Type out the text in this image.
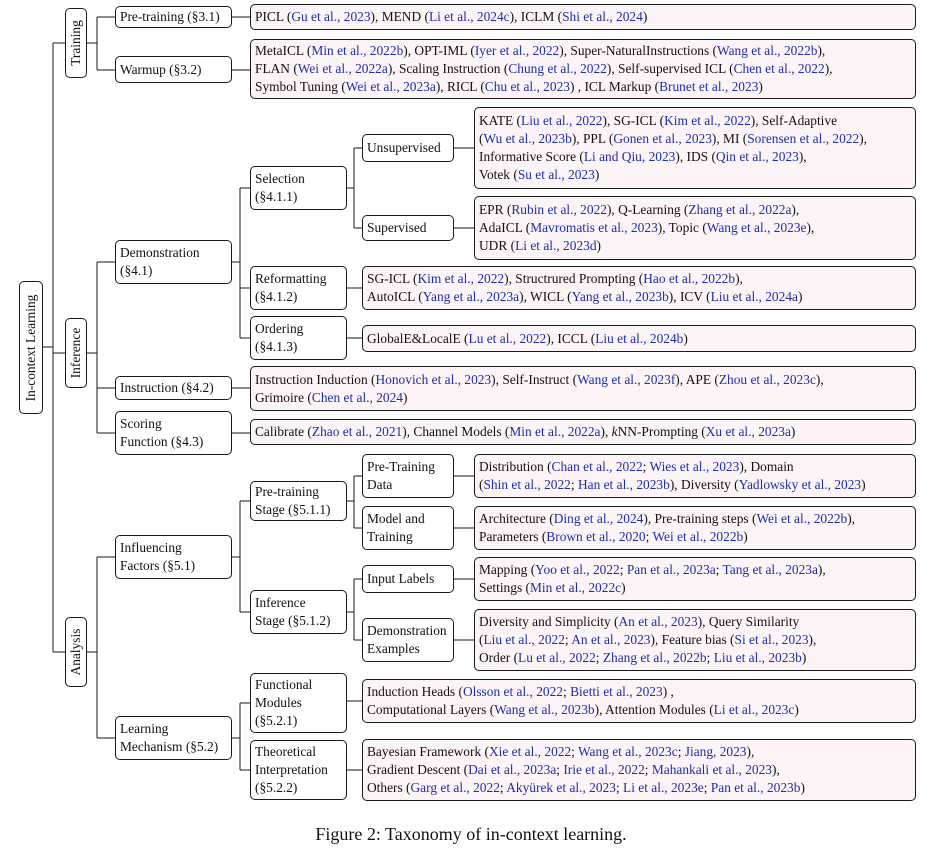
In-context Learning
Training
Inference
Analysis
Pre-training (§3.1)
Warmup (§3.2)
PICL (Gu et al., 2023), MEND (Li et al., 2024c), ICLM (Shi et al., 2024)
MetaICL (Min et al., 2022b), OPT-IML (Iyer et al., 2022), Super-NaturalInstructions (Wang et al., 2022b),
FLAN (Wei et al., 2022a), Scaling Instruction (Chung et al., 2022), Self-supervised ICL (Chen et al., 2022),
Symbol Tuning (Wei et al., 2023a), RICL (Chu et al., 2023) , ICL Markup (Brunet et al., 2023)
Demonstration
(§4.1)
Instruction (§4.2)
Scoring
Function (§4.3)
Instruction Induction (Honovich et al., 2023), Self-Instruct (Wang et al., 2023f), APE (Zhou et al., 2023c),
Grimoire (Chen et al., 2024)
Calibrate (Zhao et al., 2021), Channel Models (Min et al., 2022a), kNN-Prompting (Xu et al., 2023a)
Selection
(§4.1.1)
Reformatting
(§4.1.2)
Ordering
(§4.1.3)
Unsupervised
Supervised
KATE (Liu et al., 2022), SG-ICL (Kim et al., 2022), Self-Adaptive
(Wu et al., 2023b), PPL (Gonen et al., 2023), MI (Sorensen et al., 2022),
Informative Score (Li and Qiu, 2023), IDS (Qin et al., 2023),
Votek (Su et al., 2023)
EPR (Rubin et al., 2022), Q-Learning (Zhang et al., 2022a),
AdaICL (Mavromatis et al., 2023), Topic (Wang et al., 2023e),
UDR (Li et al., 2023d)
SG-ICL (Kim et al., 2022), Structrured Prompting (Hao et al., 2022b),
AutoICL (Yang et al., 2023a), WICL (Yang et al., 2023b), ICV (Liu et al., 2024a)
GlobalE&LocalE (Lu et al., 2022), ICCL (Liu et al., 2024b)
Influencing
Factors (§5.1)
Learning
Mechanism (§5.2)
Pre-training
Stage (§5.1.1)
Inference
Stage (§5.1.2)
Pre-Training
Data
Model and
Training
Distribution (Chan et al., 2022; Wies et al., 2023), Domain
(Shin et al., 2022; Han et al., 2023b), Diversity (Yadlowsky et al., 2023)
Architecture (Ding et al., 2024), Pre-training steps (Wei et al., 2022b),
Parameters (Brown et al., 2020; Wei et al., 2022b)
Input Labels
Demonstration
Examples
Mapping (Yoo et al., 2022; Pan et al., 2023a; Tang et al., 2023a),
Settings (Min et al., 2022c)
Diversity and Simplicity (An et al., 2023), Query Similarity
(Liu et al., 2022; An et al., 2023), Feature bias (Si et al., 2023),
Order (Lu et al., 2022; Zhang et al., 2022b; Liu et al., 2023b)
Functional
Modules
(§5.2.1)
Theoretical
Interpretation
(§5.2.2)
Induction Heads (Olsson et al., 2022; Bietti et al., 2023) ,
Computational Layers (Wang et al., 2023b), Attention Modules (Li et al., 2023c)
Bayesian Framework (Xie et al., 2022; Wang et al., 2023c; Jiang, 2023),
Gradient Descent (Dai et al., 2023a; Irie et al., 2022; Mahankali et al., 2023),
Others (Garg et al., 2022; Akyürek et al., 2023; Li et al., 2023e; Pan et al., 2023b)
Figure 2: Taxonomy of in-context learning.
